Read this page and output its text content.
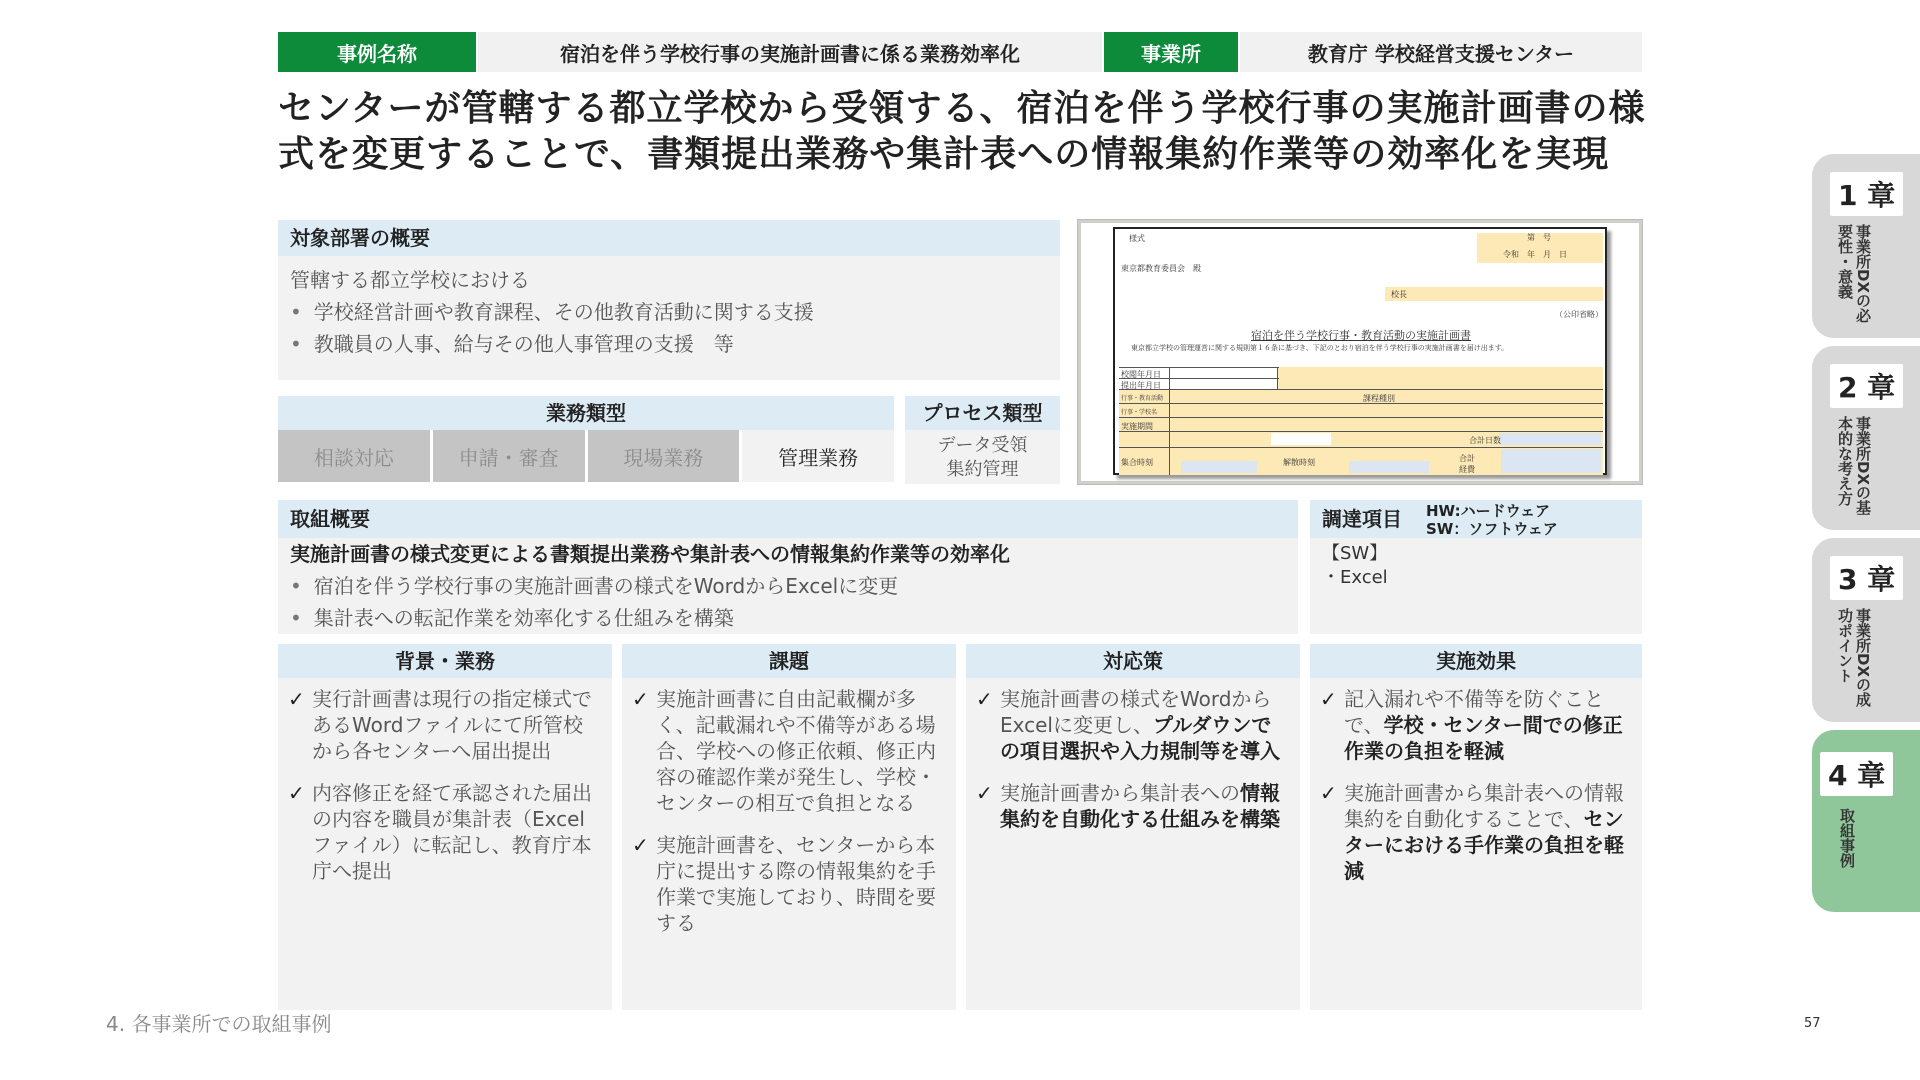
事例名称	宿泊を伴う学校行事の実施計画書に係る業務効率化	事業所	教育庁 学校経営支援センター
センターが管轄する都立学校から受領する、宿泊を伴う学校行事の実施計画書の様式を変更することで、書類提出業務や集計表への情報集約作業等の効率化を実現
対象部署の概要
管轄する都立学校における
• 学校経営計画や教育課程、その他教育活動に関する支援
• 教職員の人事、給与その他人事管理の支援　等
業務類型
相談対応	申請・審査	現場業務	管理業務
プロセス類型
データ受領
集約管理
様式	第　号
令和　年　月　日
東京都教育委員会　殿
校長
（公印省略）
宿泊を伴う学校行事・教育活動の実施計画書
東京都立学校の管理運営に関する規則第１６条に基づき、下記のとおり宿泊を伴う学校行事の実施計画書を届け出ます。
校閲年月日
提出年月日
行事・教育活動	課程種別
行事・学校名
実施期間
合計日数
集合時刻	解散時刻	合計経費
取組概要
実施計画書の様式変更による書類提出業務や集計表への情報集約作業等の効率化
• 宿泊を伴う学校行事の実施計画書の様式をWordからExcelに変更
• 集計表への転記作業を効率化する仕組みを構築
調達項目 HW:ハードウェア
SW：ソフトウェア
【SW】
・Excel
背景・業務
✓ 実行計画書は現行の指定様式であるWordファイルにて所管校から各センターへ届出提出
✓ 内容修正を経て承認された届出の内容を職員が集計表（Excelファイル）に転記し、教育庁本庁へ提出
課題
✓ 実施計画書に自由記載欄が多く、記載漏れや不備等がある場合、学校への修正依頼、修正内容の確認作業が発生し、学校・センターの相互で負担となる
✓ 実施計画書を、センターから本庁に提出する際の情報集約を手作業で実施しており、時間を要する
対応策
✓ 実施計画書の様式をWordからExcelに変更し、プルダウンでの項目選択や入力規制等を導入
✓ 実施計画書から集計表への情報集約を自動化する仕組みを構築
実施効果
✓ 記入漏れや不備等を防ぐことで、学校・センター間での修正作業の負担を軽減
✓ 実施計画書から集計表への情報集約を自動化することで、センターにおける手作業の負担を軽減
4. 各事業所での取組事例	57
1 章
事業所DXの必要性・意義
2 章
事業所DXの基本的な考え方
3 章
事業所DXの成功ポイント
4 章
取組事例
